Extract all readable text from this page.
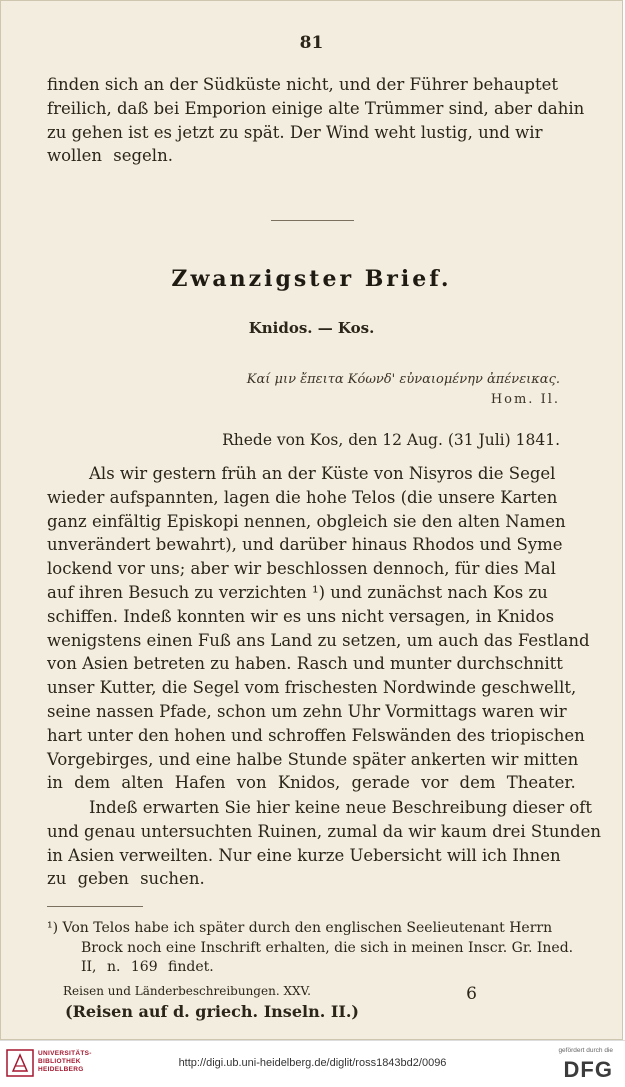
81
finden sich an der Südküste nicht, und der Führer behauptet
freilich, daß bei Emporion einige alte Trümmer sind, aber dahin
zu gehen ist es jetzt zu spät. Der Wind weht lustig, und wir
wollen segeln.
Zwanzigster Brief.
Knidos. — Kos.
Καί μιν ἔπειτα Κόωνδ' εὐναιομένην ἀπένεικας.
Hom. Il.
Rhede von Kos, den 12 Aug. (31 Juli) 1841.
Als wir gestern früh an der Küste von Nisyros die Segel
wieder aufspannten, lagen die hohe Telos (die unsere Karten
ganz einfältig Episkopi nennen, obgleich sie den alten Namen
unverändert bewahrt), und darüber hinaus Rhodos und Syme
lockend vor uns; aber wir beschlossen dennoch, für dies Mal
auf ihren Besuch zu verzichten ¹) und zunächst nach Kos zu
schiffen. Indeß konnten wir es uns nicht versagen, in Knidos
wenigstens einen Fuß ans Land zu setzen, um auch das Festland
von Asien betreten zu haben. Rasch und munter durchschnitt
unser Kutter, die Segel vom frischesten Nordwinde geschwellt,
seine nassen Pfade, schon um zehn Uhr Vormittags waren wir
hart unter den hohen und schroffen Felswänden des triopischen
Vorgebirges, und eine halbe Stunde später ankerten wir mitten
in dem alten Hafen von Knidos, gerade vor dem Theater.
Indeß erwarten Sie hier keine neue Beschreibung dieser oft
und genau untersuchten Ruinen, zumal da wir kaum drei Stunden
in Asien verweilten. Nur eine kurze Uebersicht will ich Ihnen
zu geben suchen.
¹) Von Telos habe ich später durch den englischen Seelieutenant Herrn
Brock noch eine Inschrift erhalten, die sich in meinen Inscr. Gr. Ined.
II, n. 169 findet.
Reisen und Länderbeschreibungen. XXV.	6
(Reisen auf d. griech. Inseln. II.)
UNIVERSITÄTS-
BIBLIOTHEK
HEIDELBERG
http://digi.ub.uni-heidelberg.de/diglit/ross1843bd2/0096
gefördert durch die
DFG
